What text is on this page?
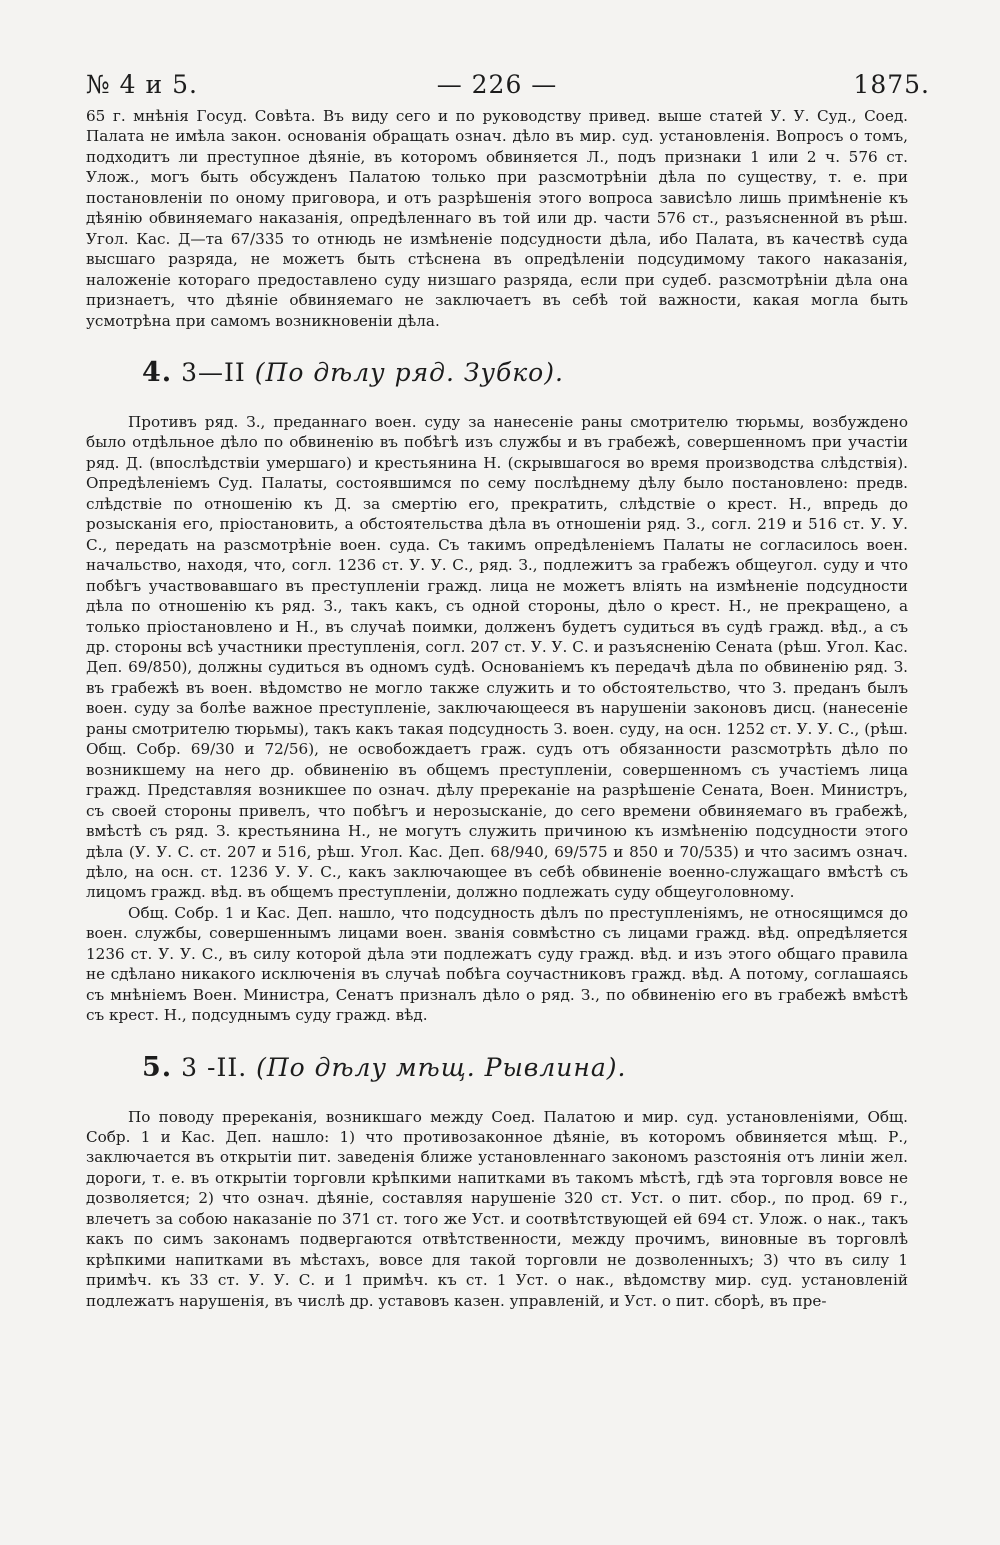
№ 4 и 5.	— 226 —	1875.

65 г. мнѣнія Госуд. Совѣта. Въ виду сего и по руководству привед. выше статей У. У. Суд., Соед. Палата не имѣла закон. основанія обращать означ. дѣло въ мир. суд. установленія. Вопросъ о томъ, подходитъ ли преступное дѣяніе, въ которомъ обвиняется Л., подъ признаки 1 или 2 ч. 576 ст. Улож., могъ быть обсужденъ Палатою только при разсмотрѣніи дѣла по существу, т. е. при постановленіи по оному приговора, и отъ разрѣшенія этого вопроса зависѣло лишь примѣненіе къ дѣянію обвиняемаго наказанія, опредѣленнаго въ той или др. части 576 ст., разъясненной въ рѣш. Угол. Кас. Д—та 67/335 то отнюдь не измѣненіе подсудности дѣла, ибо Палата, въ качествѣ суда высшаго разряда, не можетъ быть стѣснена въ опредѣленіи подсудимому такого наказанія, наложеніе котораго предоставлено суду низшаго разряда, если при судеб. разсмотрѣніи дѣла она признаетъ, что дѣяніе обвиняемаго не заключаетъ въ себѣ той важности, какая могла быть усмотрѣна при самомъ возникновеніи дѣла.

4. 3—II (По дѣлу ряд. Зубко).

Противъ ряд. З., преданнаго воен. суду за нанесеніе раны смотрителю тюрьмы, возбуждено было отдѣльное дѣло по обвиненію въ побѣгѣ изъ службы и въ грабежѣ, совершенномъ при участіи ряд. Д. (впослѣдствіи умершаго) и крестьянина Н. (скрывшагося во время производства слѣдствія). Опредѣленіемъ Суд. Палаты, состоявшимся по сему послѣднему дѣлу было постановлено: предв. слѣдствіе по отношенію къ Д. за смертію его, прекратить, слѣдствіе о крест. Н., впредь до розысканія его, пріостановить, а обстоятельства дѣла въ отношеніи ряд. З., согл. 219 и 516 ст. У. У. С., передать на разсмотрѣніе воен. суда. Съ такимъ опредѣленіемъ Палаты не согласилось воен. начальство, находя, что, согл. 1236 ст. У. У. С., ряд. З., подлежитъ за грабежъ общеугол. суду и что побѣгъ участвовавшаго въ преступленіи гражд. лица не можетъ вліять на измѣненіе подсудности дѣла по отношенію къ ряд. З., такъ какъ, съ одной стороны, дѣло о крест. Н., не прекращено, а только пріостановлено и Н., въ случаѣ поимки, долженъ будетъ судиться въ судѣ гражд. вѣд., а съ др. стороны всѣ участники преступленія, согл. 207 ст. У. У. С. и разъясненію Сената (рѣш. Угол. Кас. Деп. 69/850), должны судиться въ одномъ судѣ. Основаніемъ къ передачѣ дѣла по обвиненію ряд. З. въ грабежѣ въ воен. вѣдомство не могло также служить и то обстоятельство, что З. преданъ былъ воен. суду за болѣе важное преступленіе, заключающееся въ нарушеніи законовъ дисц. (нанесеніе раны смотрителю тюрьмы), такъ какъ такая подсудность З. воен. суду, на осн. 1252 ст. У. У. С., (рѣш. Общ. Собр. 69/30 и 72/56), не освобождаетъ граж. судъ отъ обязанности разсмотрѣть дѣло по возникшему на него др. обвиненію въ общемъ преступленіи, совершенномъ съ участіемъ лица гражд. Представляя возникшее по означ. дѣлу пререканіе на разрѣшеніе Сената, Воен. Министръ, съ своей стороны привелъ, что побѣгъ и нерозысканіе, до сего времени обвиняемаго въ грабежѣ, вмѣстѣ съ ряд. З. крестьянина Н., не могутъ служить причиною къ измѣненію подсудности этого дѣла (У. У. С. ст. 207 и 516, рѣш. Угол. Кас. Деп. 68/940, 69/575 и 850 и 70/535) и что засимъ означ. дѣло, на осн. ст. 1236 У. У. С., какъ заключающее въ себѣ обвиненіе военно-служащаго вмѣстѣ съ лицомъ гражд. вѣд. въ общемъ преступленіи, должно подлежать суду общеуголовному.

Общ. Собр. 1 и Кас. Деп. нашло, что подсудность дѣлъ по преступленіямъ, не относящимся до воен. службы, совершеннымъ лицами воен. званія совмѣстно съ лицами гражд. вѣд. опредѣляется 1236 ст. У. У. С., въ силу которой дѣла эти подлежатъ суду гражд. вѣд. и изъ этого общаго правила не сдѣлано никакого исключенія въ случаѣ побѣга соучастниковъ гражд. вѣд. А потому, соглашаясь съ мнѣніемъ Воен. Министра, Сенатъ призналъ дѣло о ряд. З., по обвиненію его въ грабежѣ вмѣстѣ съ крест. Н., подсуднымъ суду гражд. вѣд.

5. 3 -II. (По дѣлу мѣщ. Рывлина).

По поводу пререканія, возникшаго между Соед. Палатою и мир. суд. установленіями, Общ. Собр. 1 и Кас. Деп. нашло: 1) что противозаконное дѣяніе, въ которомъ обвиняется мѣщ. Р., заключается въ открытіи пит. заведенія ближе установленнаго закономъ разстоянія отъ линіи жел. дороги, т. е. въ открытіи торговли крѣпкими напитками въ такомъ мѣстѣ, гдѣ эта торговля вовсе не дозволяется; 2) что означ. дѣяніе, составляя нарушеніе 320 ст. Уст. о пит. сбор., по прод. 69 г., влечетъ за собою наказаніе по 371 ст. того же Уст. и соотвѣтствующей ей 694 ст. Улож. о нак., такъ какъ по симъ законамъ подвергаются отвѣтственности, между прочимъ, виновные въ торговлѣ крѣпкими напитками въ мѣстахъ, вовсе для такой торговли не дозволенныхъ; 3) что въ силу 1 примѣч. къ 33 ст. У. У. С. и 1 примѣч. къ ст. 1 Уст. о нак., вѣдомству мир. суд. установленій подлежатъ нарушенія, въ числѣ др. уставовъ казен. управленій, и Уст. о пит. сборѣ, въ пре-
